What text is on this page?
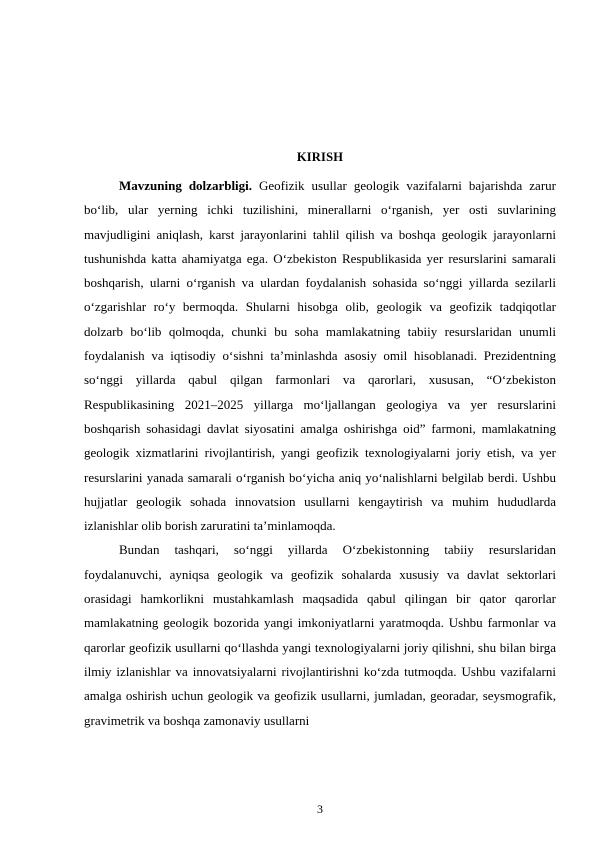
KIRISH

Mavzuning dolzarbligi. Geofizik usullar geologik vazifalarni bajarishda zarur bo‘lib, ular yerning ichki tuzilishini, minerallarni o‘rganish, yer osti suvlarining mavjudligini aniqlash, karst jarayonlarini tahlil qilish va boshqa geologik jarayonlarni tushunishda katta ahamiyatga ega. O‘zbekiston Respublikasida yer resurslarini samarali boshqarish, ularni o‘rganish va ulardan foydalanish sohasida so‘nggi yillarda sezilarli o‘zgarishlar ro‘y bermoqda. Shularni hisobga olib, geologik va geofizik tadqiqotlar dolzarb bo‘lib qolmoqda, chunki bu soha mamlakatning tabiiy resurslaridan unumli foydalanish va iqtisodiy o‘sishni ta’minlashda asosiy omil hisoblanadi. Prezidentning so‘nggi yillarda qabul qilgan farmonlari va qarorlari, xususan, “O‘zbekiston Respublikasining 2021–2025 yillarga mo‘ljallangan geologiya va yer resurslarini boshqarish sohasidagi davlat siyosatini amalga oshirishga oid” farmoni, mamlakatning geologik xizmatlarini rivojlantirish, yangi geofizik texnologiyalarni joriy etish, va yer resurslarini yanada samarali o‘rganish bo‘yicha aniq yo‘nalishlarni belgilab berdi. Ushbu hujjatlar geologik sohada innovatsion usullarni kengaytirish va muhim hududlarda izlanishlar olib borish zaruratini ta’minlamoqda.

Bundan tashqari, so‘nggi yillarda O‘zbekistonning tabiiy resurslaridan foydalanuvchi, ayniqsa geologik va geofizik sohalarda xususiy va davlat sektorlari orasidagi hamkorlikni mustahkamlash maqsadida qabul qilingan bir qator qarorlar mamlakatning geologik bozorida yangi imkoniyatlarni yaratmoqda. Ushbu farmonlar va qarorlar geofizik usullarni qo‘llashda yangi texnologiyalarni joriy qilishni, shu bilan birga ilmiy izlanishlar va innovatsiyalarni rivojlantirishni ko‘zda tutmoqda. Ushbu vazifalarni amalga oshirish uchun geologik va geofizik usullarni, jumladan, georadar, seysmografik, gravimetrik va boshqa zamonaviy usullarni

3
